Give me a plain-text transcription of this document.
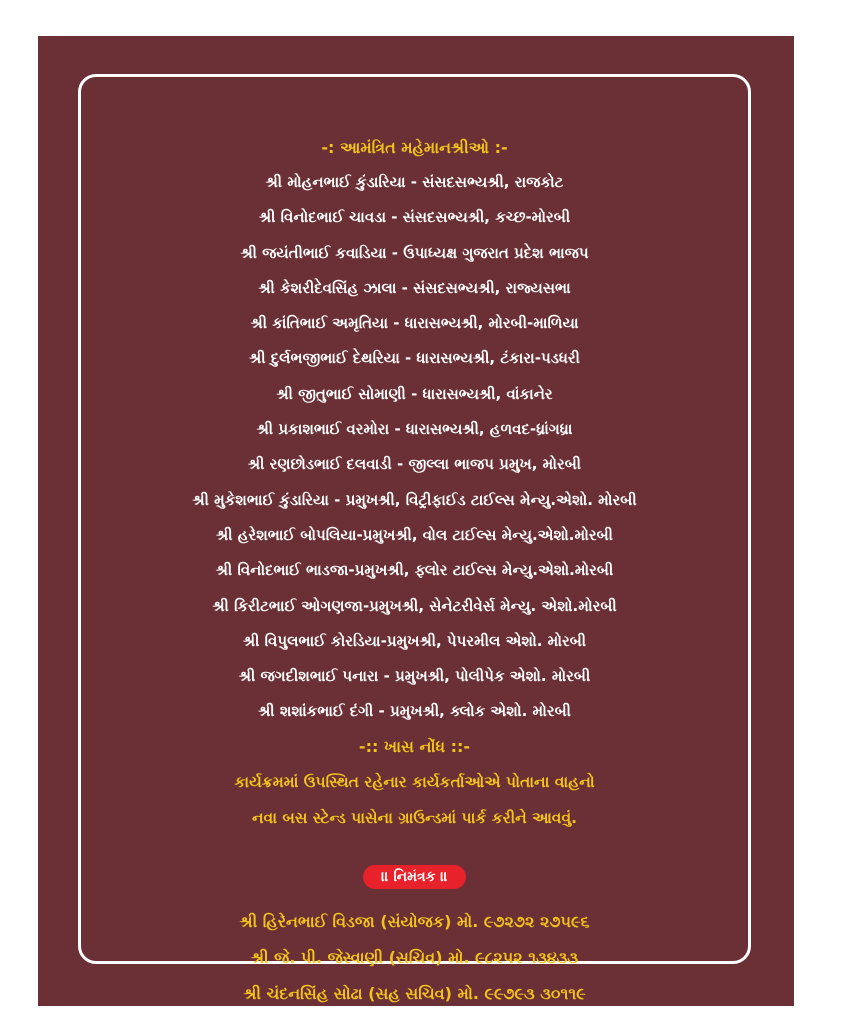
-: આમંત્રિત મહેમાનશ્રીઓ :-
શ્રી મોહનભાઈ કુંડારિયા - સંસદસભ્યશ્રી, રાજકોટ
શ્રી વિનોદભાઈ ચાવડા - સંસદસભ્યશ્રી, કચ્છ-મોરબી
શ્રી જયંતીભાઈ કવાડિયા - ઉપાધ્યક્ષ ગુજરાત પ્રદેશ ભાજપ
શ્રી કેશરીદેવસિંહ ઝાલા - સંસદસભ્યશ્રી, રાજ્યસભા
શ્રી કાંતિભાઈ અમૃતિયા - ધારાસભ્યશ્રી, મોરબી-માળિયા
શ્રી દુર્લભજીભાઈ દેથરિયા - ધારાસભ્યશ્રી, ટંકારા-પડધરી
શ્રી જીતુભાઈ સોમાણી - ધારાસભ્યશ્રી, વાંકાનેર
શ્રી પ્રકાશભાઈ વરમોરા - ધારાસભ્યશ્રી, હળવદ-ધ્રાંગધ્રા
શ્રી રણછોડભાઈ દલવાડી - જીલ્લા ભાજપ પ્રમુખ, મોરબી
શ્રી મુકેશભાઈ કુંડારિયા - પ્રમુખશ્રી, વિટ્રીફાઈડ ટાઈલ્સ મેન્યુ.એશો. મોરબી
શ્રી હરેશભાઈ બોપલિયા-પ્રમુખશ્રી, વોલ ટાઈલ્સ મેન્યુ.એશો.મોરબી
શ્રી વિનોદભાઈ ભાડજા-પ્રમુખશ્રી, ફ્લોર ટાઈલ્સ મેન્યુ.એશો.મોરબી
શ્રી કિરીટભાઈ ઓગણજા-પ્રમુખશ્રી, સેનેટરીવેર્સ મેન્યુ. એશો.મોરબી
શ્રી વિપુલભાઈ કોરડિયા-પ્રમુખશ્રી, પેપરમીલ એશો. મોરબી
શ્રી જગદીશભાઈ પનારા - પ્રમુખશ્રી, પોલીપેક એશો. મોરબી
શ્રી શશાંકભાઈ દંગી - પ્રમુખશ્રી, ક્લોક એશો. મોરબી
-:: ખાસ નોંધ ::-
કાર્યક્રમમાં ઉપસ્થિત રહેનાર કાર્યકર્તાઓએ પોતાના વાહનો
નવા બસ સ્ટેન્ડ પાસેના ગ્રાઉન્ડમાં પાર્ક કરીને આવવું.
॥ નિમંત્રક ॥
શ્રી હિરેનભાઈ વિડજા (સંયોજક) મો. ૯૭૨૭૨ ૨૭૫૯૬
શ્રી જે. પી. જેસ્વાણી (સચિવ) મો. ૯૮૨૫૨ ૧૩૪૩૩
શ્રી ચંદનસિંહ સોઢા (સહ સચિવ) મો. ૯૯૭૯૩ ૩૦૧૧૯
